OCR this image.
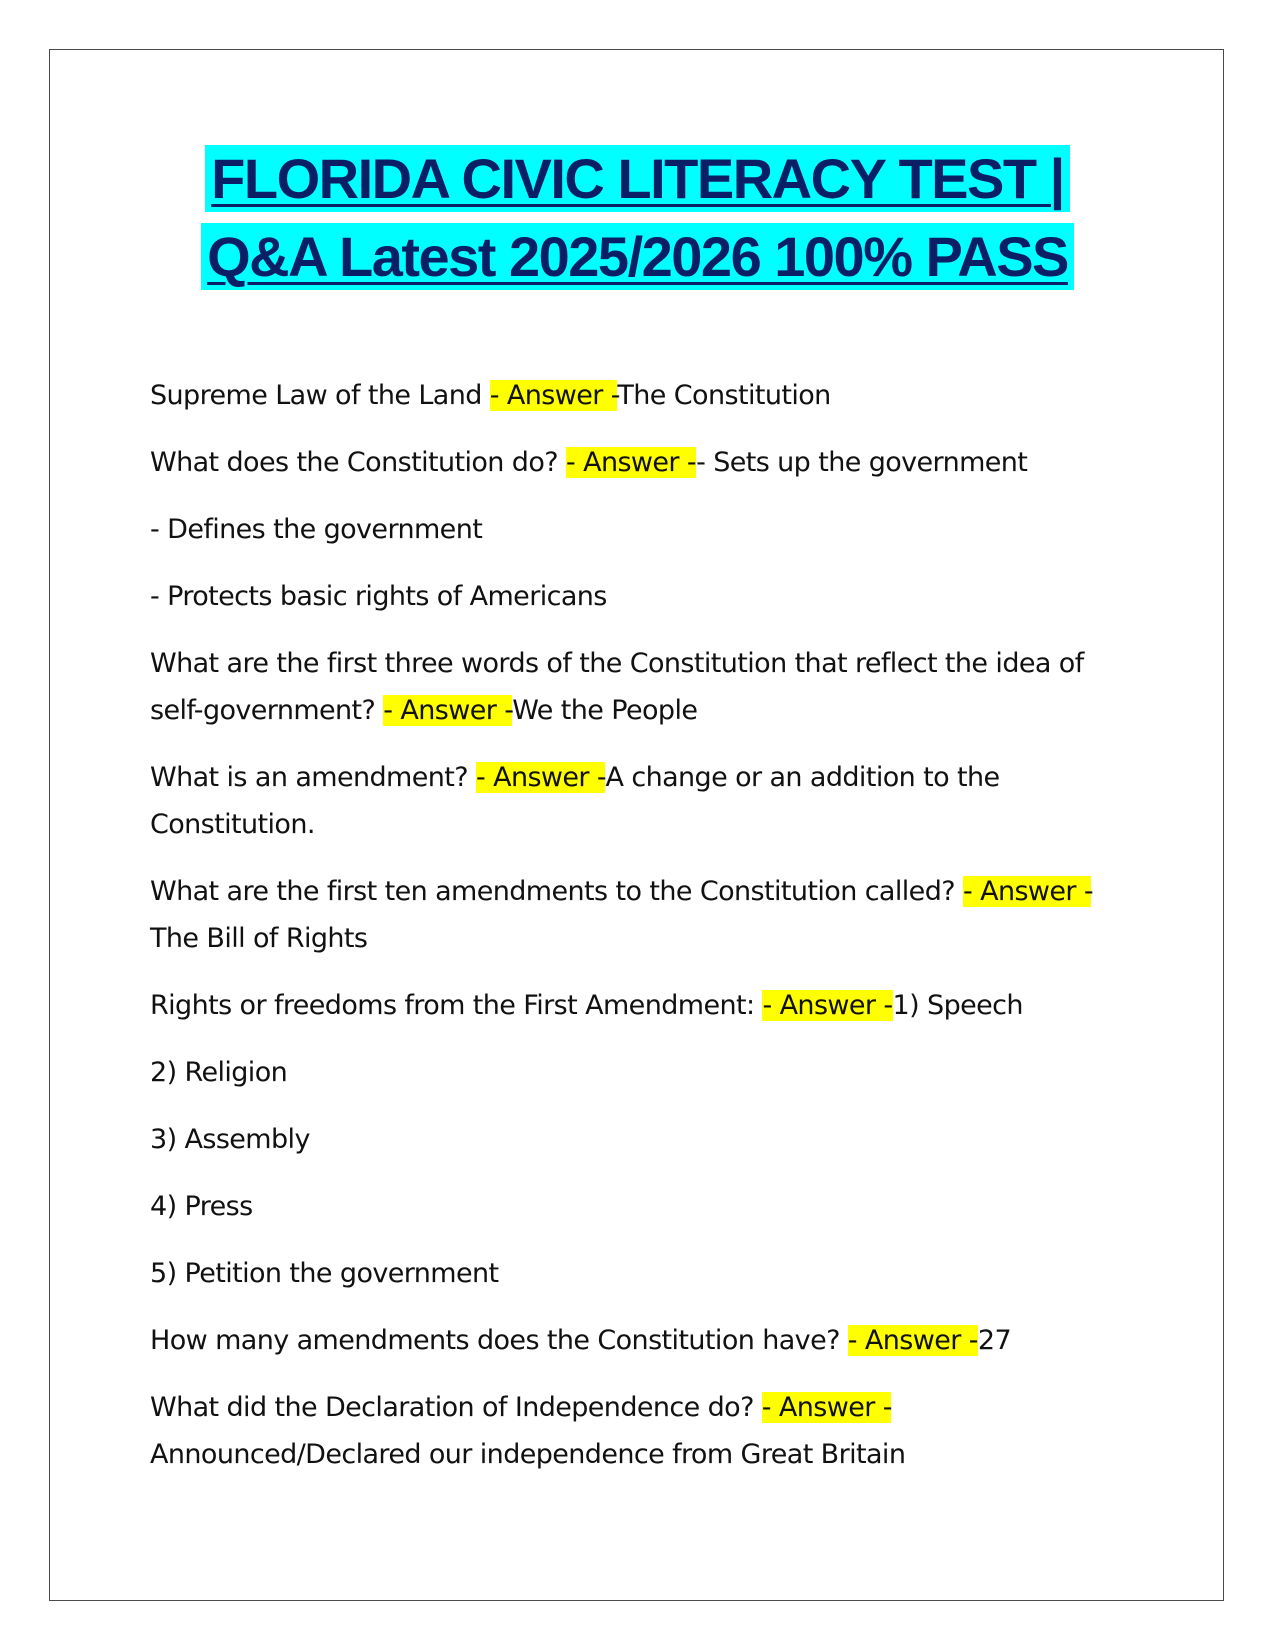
FLORIDA CIVIC LITERACY TEST |
Q&A Latest 2025/2026 100% PASS

Supreme Law of the Land - Answer -The Constitution

What does the Constitution do? - Answer -- Sets up the government

- Defines the government

- Protects basic rights of Americans

What are the first three words of the Constitution that reflect the idea of self-government? - Answer -We the People

What is an amendment? - Answer -A change or an addition to the Constitution.

What are the first ten amendments to the Constitution called? - Answer -The Bill of Rights

Rights or freedoms from the First Amendment: - Answer -1) Speech

2) Religion

3) Assembly

4) Press

5) Petition the government

How many amendments does the Constitution have? - Answer -27

What did the Declaration of Independence do? - Answer -Announced/Declared our independence from Great Britain
